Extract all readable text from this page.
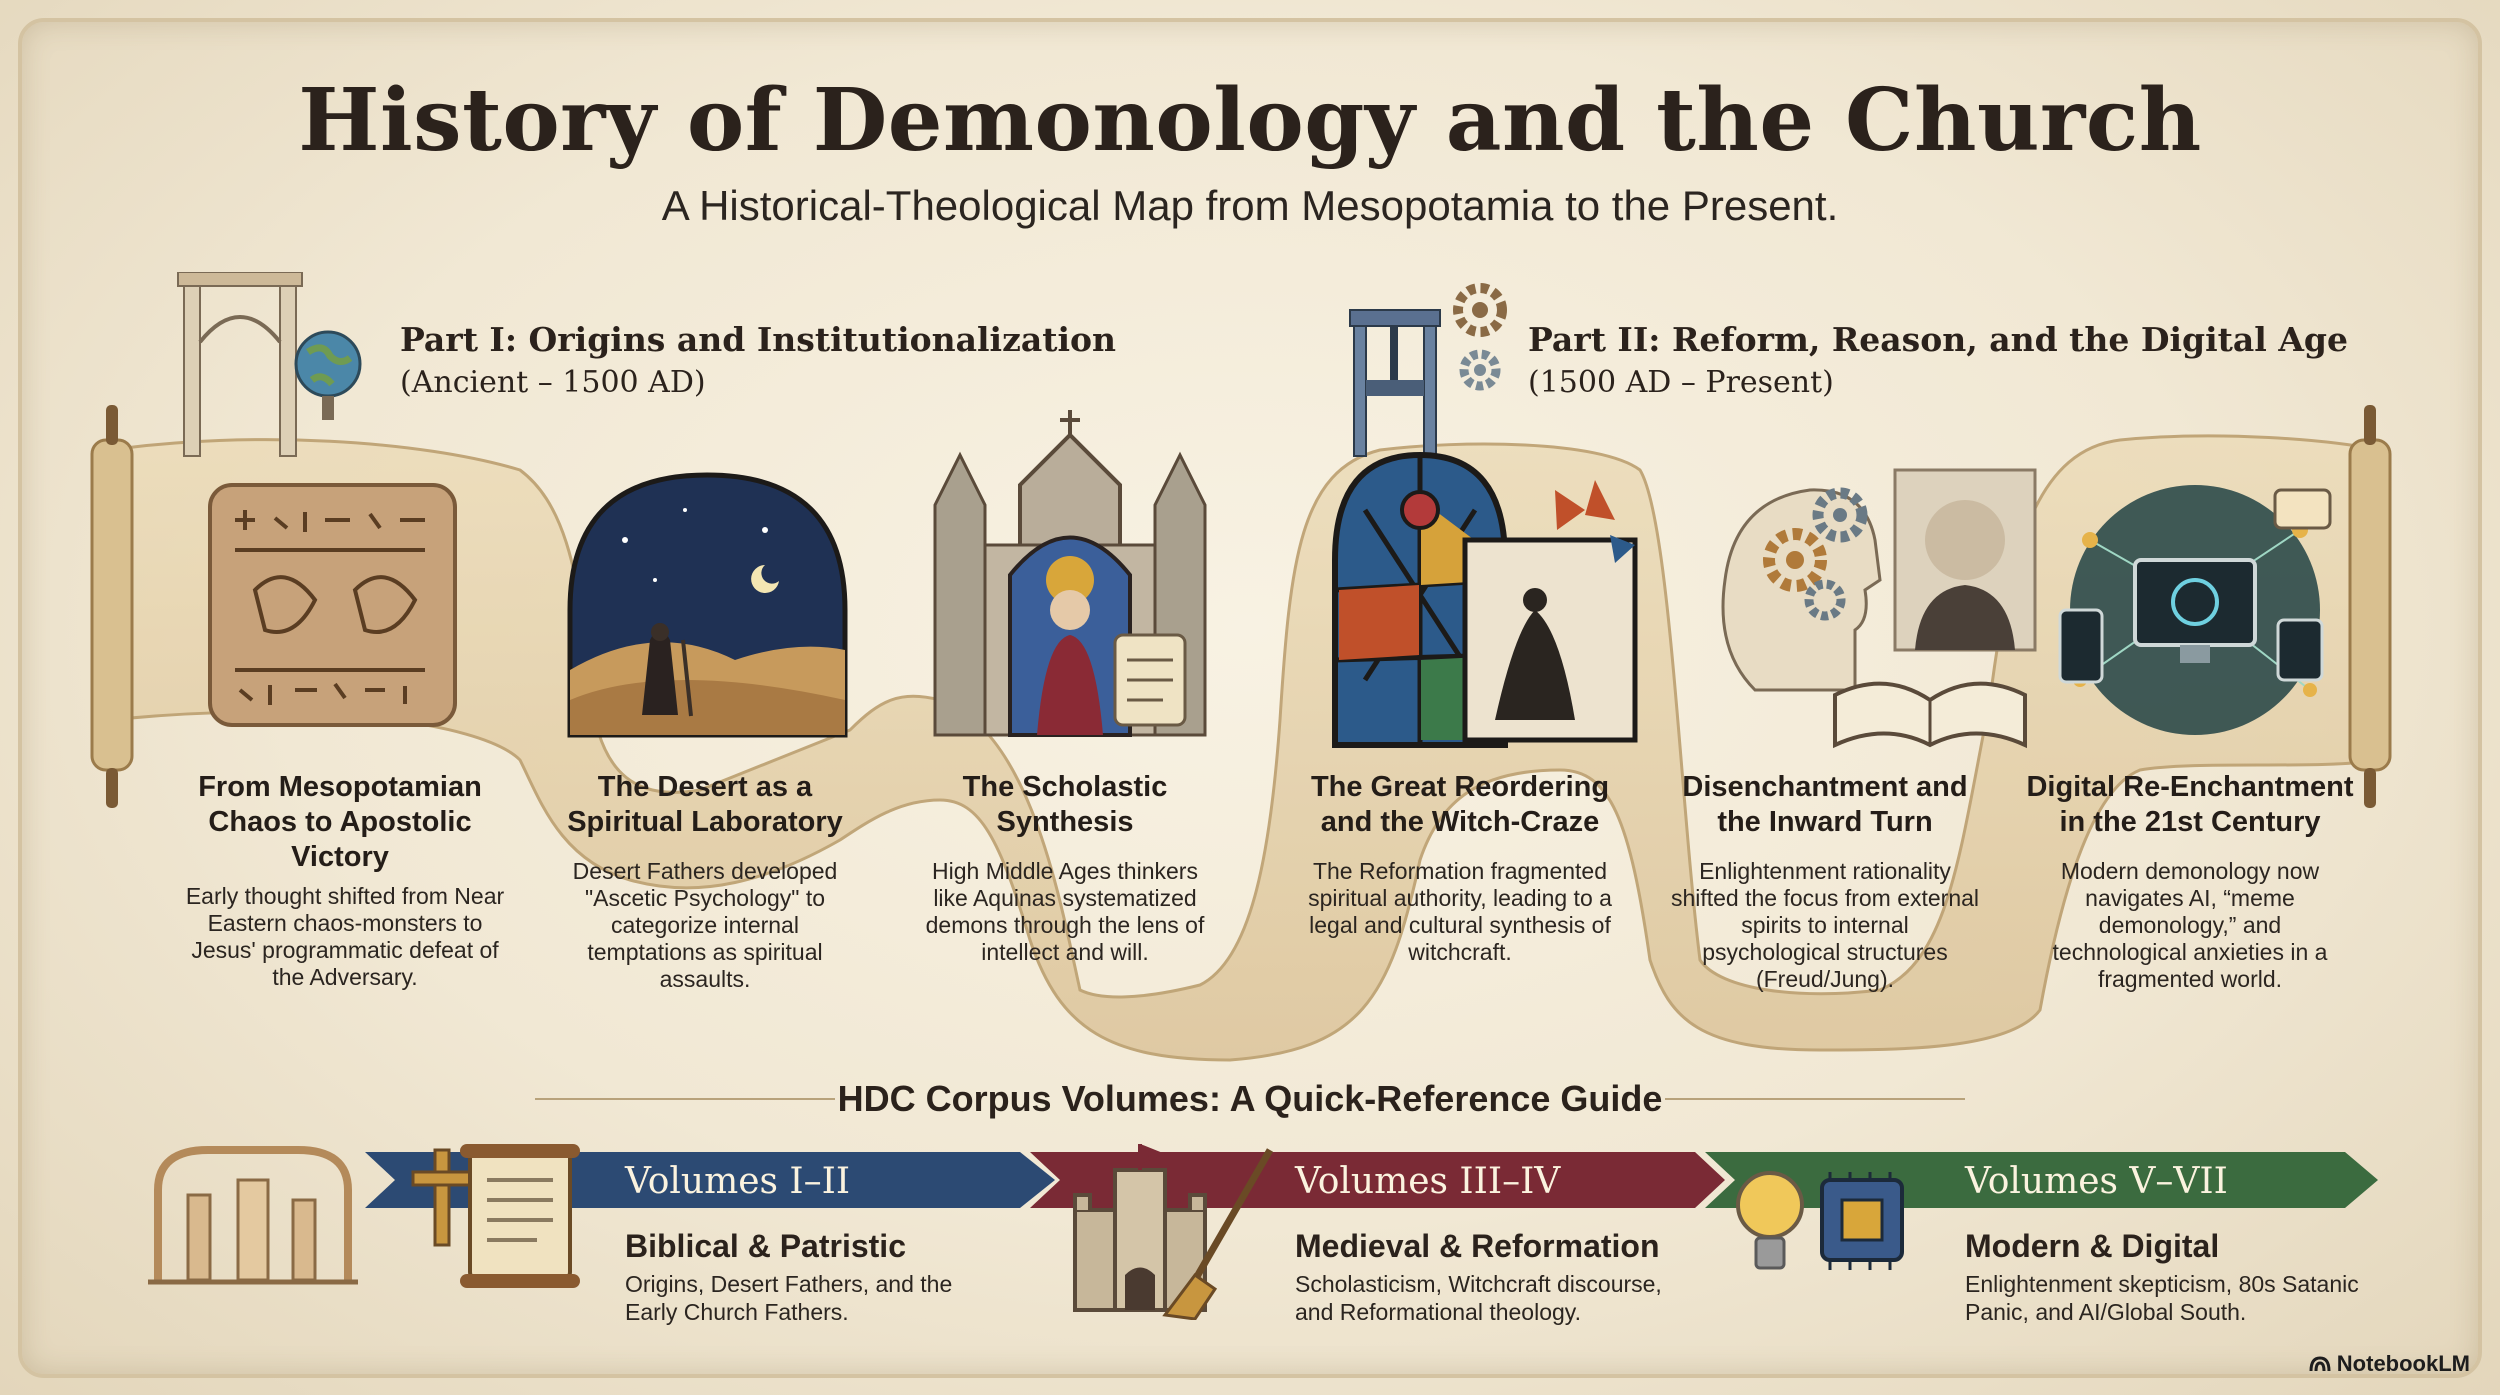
History of Demonology and the Church
A Historical-Theological Map from Mesopotamia to the Present.
Part I: Origins and Institutionalization
(Ancient – 1500 AD)
Part II: Reform, Reason, and the Digital Age
(1500 AD – Present)
From Mesopotamian Chaos to Apostolic Victory
Early thought shifted from Near Eastern chaos-monsters to Jesus' programmatic defeat of the Adversary.
The Desert as a Spiritual Laboratory
Desert Fathers developed "Ascetic Psychology" to categorize internal temptations as spiritual assaults.
The Scholastic Synthesis
High Middle Ages thinkers like Aquinas systematized demons through the lens of intellect and will.
The Great Reordering and the Witch-Craze
The Reformation fragmented spiritual authority, leading to a legal and cultural synthesis of witchcraft.
Disenchantment and the Inward Turn
Enlightenment rationality shifted the focus from external spirits to internal psychological structures (Freud/Jung).
Digital Re-Enchantment in the 21st Century
Modern demonology now navigates AI, “meme demonology,” and technological anxieties in a fragmented world.
HDC Corpus Volumes: A Quick-Reference Guide
Volumes I–II	Volumes III–IV	Volumes V–VII
Biblical & Patristic
Origins, Desert Fathers, and the Early Church Fathers.
Medieval & Reformation
Scholasticism, Witchcraft discourse, and Reformational theology.
Modern & Digital
Enlightenment skepticism, 80s Satanic Panic, and AI/Global South.
NotebookLM
